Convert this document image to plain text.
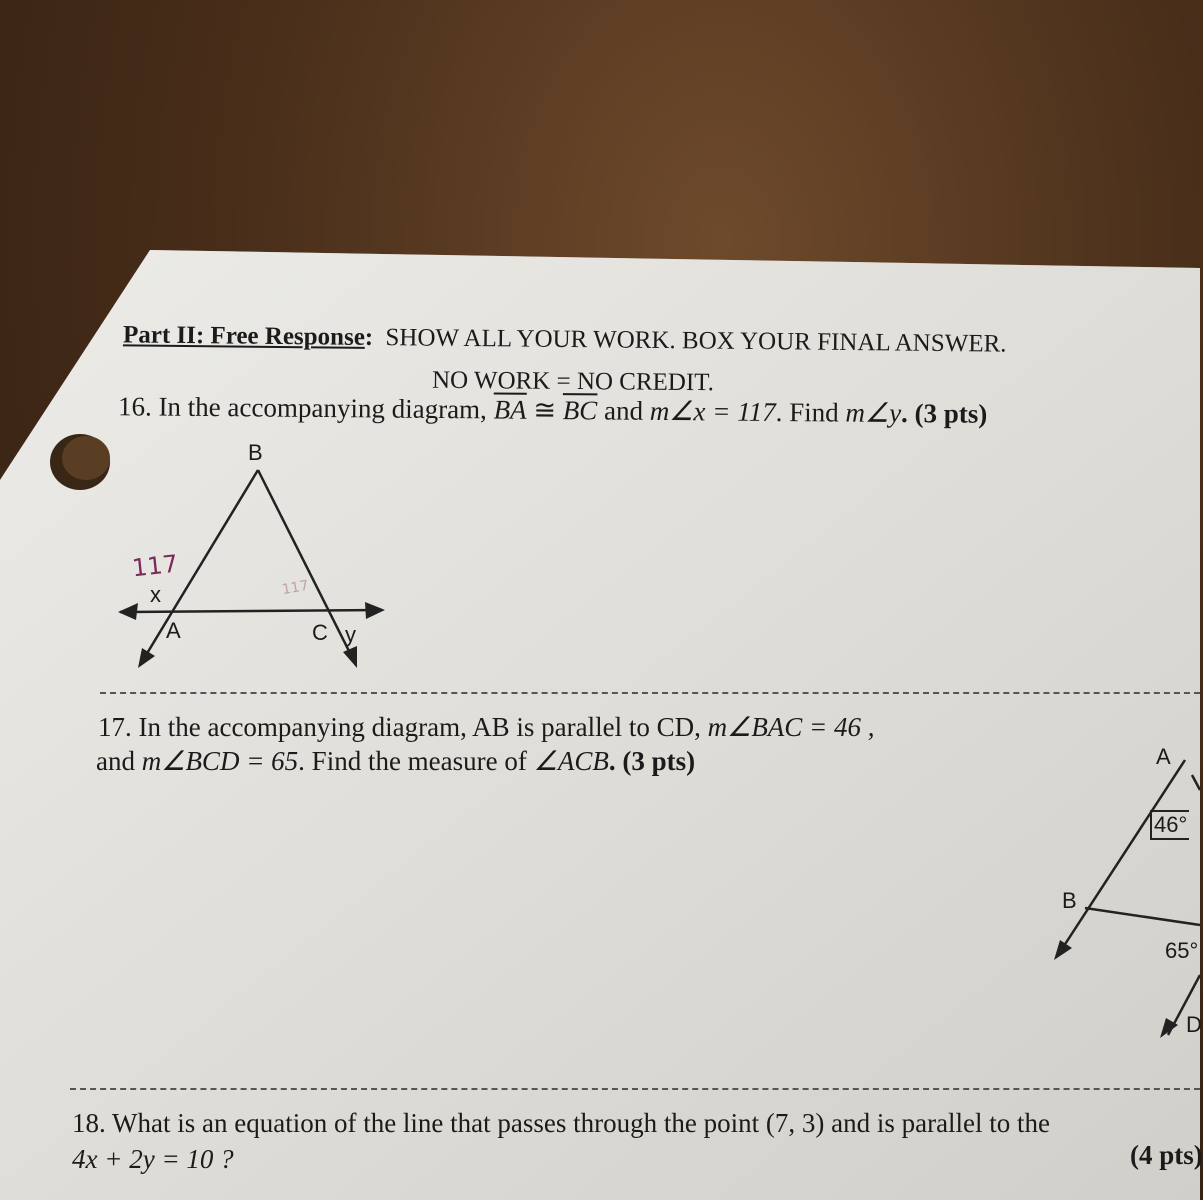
Part II: Free Response: SHOW ALL YOUR WORK. BOX YOUR FINAL ANSWER.
NO WORK = NO CREDIT.
16. In the accompanying diagram, $\overline{BA}$ ≅ $\overline{BC}$ and m∠x = 117. Find m∠y. (3 pts)
B
x
A	C y
117
117
17. In the accompanying diagram, AB is parallel to CD, m∠BAC = 46 ,
and m∠BCD = 65. Find the measure of ∠ACB. (3 pts)	A
46°
B
65°
D
18. What is an equation of the line that passes through the point (7, 3) and is parallel to the
4x + 2y = 10 ?	(4 pts)
